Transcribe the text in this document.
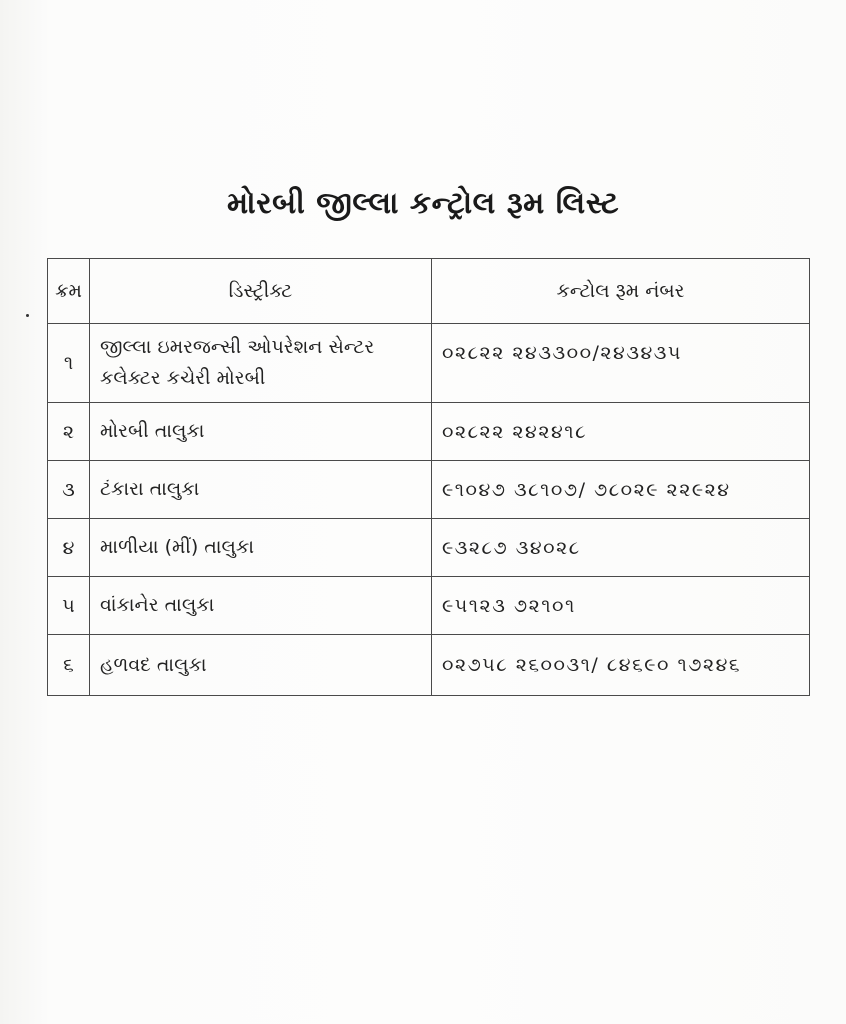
મોરબી જીલ્લા કન્ટ્રોલ રૂમ લિસ્ટ
ક્રમ	ડિસ્ટ્રીક્ટ	કન્ટોલ રૂમ નંબર
૧	જીલ્લા ઇમરજન્સી ઓપરેશન સેન્ટર
કલેક્ટર કચેરી મોરબી	૦૨૮૨૨ ૨૪૩૩૦૦/૨૪૩૪૩૫
૨	મોરબી તાલુકા	૦૨૮૨૨ ૨૪૨૪૧૮
૩	ટંકારા તાલુકા	૯૧૦૪૭ ૩૮૧૦૭/ ૭૮૦૨૯ ૨૨૯૨૪
૪	માળીયા (મીં) તાલુકા	૯૩૨૮૭ ૩૪૦૨૮
૫	વાંકાનેર તાલુકા	૯૫૧૨૩ ૭૨૧૦૧
૬	હળવદ તાલુકા	૦૨૭૫૮ ૨૬૦૦૩૧/ ૮૪૬૯૦ ૧૭૨૪૬
